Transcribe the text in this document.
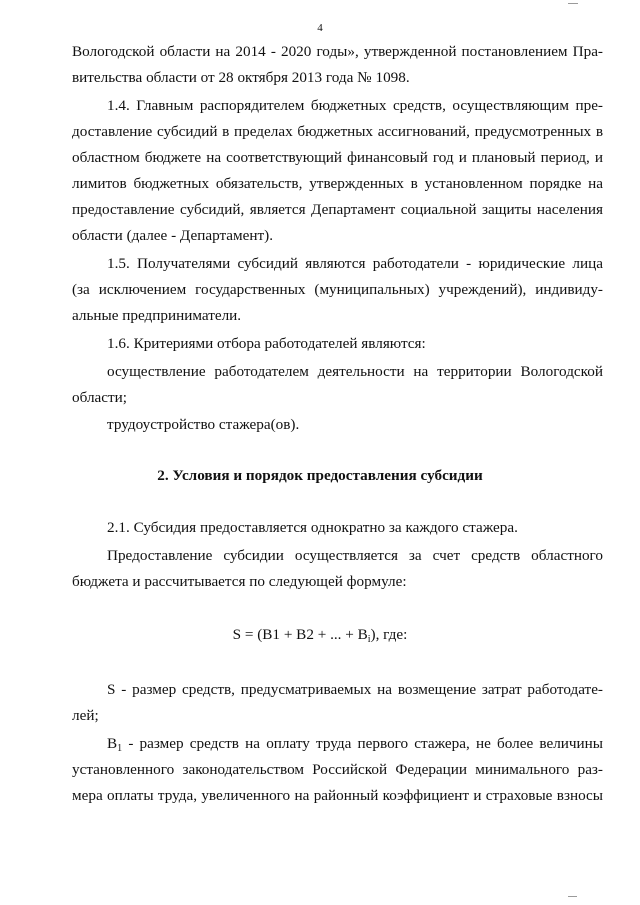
4
Вологодской области на 2014 - 2020 годы», утвержденной постановлением Пра-
вительства области от 28 октября 2013 года № 1098.
1.4. Главным распорядителем бюджетных средств, осуществляющим пре-
доставление субсидий в пределах бюджетных ассигнований, предусмотренных в
областном бюджете на соответствующий финансовый год и плановый период, и
лимитов бюджетных обязательств, утвержденных в установленном порядке на
предоставление субсидий, является Департамент социальной защиты населения
области (далее - Департамент).
1.5. Получателями субсидий являются работодатели - юридические лица
(за исключением государственных (муниципальных) учреждений), индивиду-
альные предприниматели.
1.6. Критериями отбора работодателей являются:
осуществление работодателем деятельности на территории Вологодской
области;
трудоустройство стажера(ов).
2. Условия и порядок предоставления субсидии
2.1. Субсидия предоставляется однократно за каждого стажера.
Предоставление субсидии осуществляется за счет средств областного
бюджета и рассчитывается по следующей формуле:
S = (В1 + В2 + ... + Вi), где:
S - размер средств, предусматриваемых на возмещение затрат работодате-
лей;
В1 - размер средств на оплату труда первого стажера, не более величины
установленного законодательством Российской Федерации минимального раз-
мера оплаты труда, увеличенного на районный коэффициент и страховые взносы
